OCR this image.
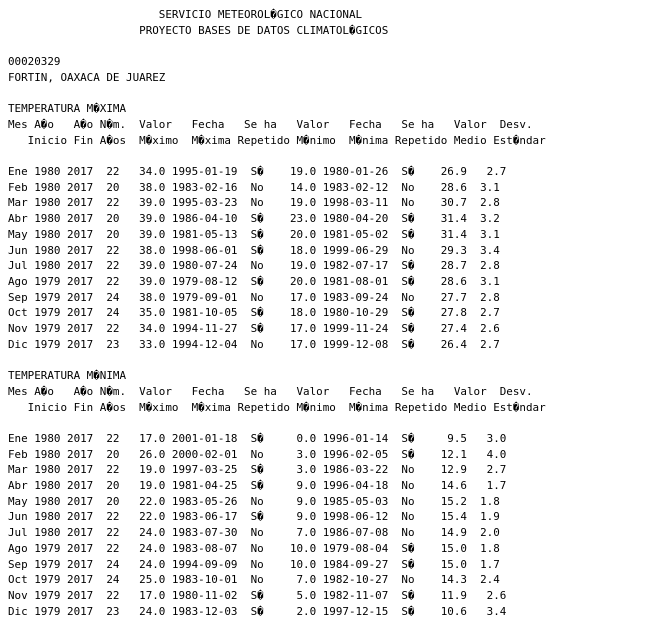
SERVICIO METEOROL�GICO NACIONAL
PROYECTO BASES DE DATOS CLIMATOL�GICOS
00020329
FORTIN, OAXACA DE JUAREZ
TEMPERATURA M�XIMA
Mes A�o   A�o N�m.  Valor   Fecha   Se ha   Valor   Fecha   Se ha   Valor  Desv.
Inicio Fin A�os  M�ximo  M�xima Repetido M�nimo  M�nima Repetido Medio Est�ndar
Ene 1980 2017  22   34.0 1995-01-19  S�    19.0 1980-01-26  S�    26.9   2.7
Feb 1980 2017  20   38.0 1983-02-16  No    14.0 1983-02-12  No    28.6  3.1
Mar 1980 2017  22   39.0 1995-03-23  No    19.0 1998-03-11  No    30.7  2.8
Abr 1980 2017  20   39.0 1986-04-10  S�    23.0 1980-04-20  S�    31.4  3.2
May 1980 2017  20   39.0 1981-05-13  S�    20.0 1981-05-02  S�    31.4  3.1
Jun 1980 2017  22   38.0 1998-06-01  S�    18.0 1999-06-29  No    29.3  3.4
Jul 1980 2017  22   39.0 1980-07-24  No    19.0 1982-07-17  S�    28.7  2.8
Ago 1979 2017  22   39.0 1979-08-12  S�    20.0 1981-08-01  S�    28.6  3.1
Sep 1979 2017  24   38.0 1979-09-01  No    17.0 1983-09-24  No    27.7  2.8
Oct 1979 2017  24   35.0 1981-10-05  S�    18.0 1980-10-29  S�    27.8  2.7
Nov 1979 2017  22   34.0 1994-11-27  S�    17.0 1999-11-24  S�    27.4  2.6
Dic 1979 2017  23   33.0 1994-12-04  No    17.0 1999-12-08  S�    26.4  2.7
TEMPERATURA M�NIMA
Mes A�o   A�o N�m.  Valor   Fecha   Se ha   Valor   Fecha   Se ha   Valor  Desv.
Inicio Fin A�os  M�ximo  M�xima Repetido M�nimo  M�nima Repetido Medio Est�ndar
Ene 1980 2017  22   17.0 2001-01-18  S�     0.0 1996-01-14  S�     9.5   3.0
Feb 1980 2017  20   26.0 2000-02-01  No     3.0 1996-02-05  S�    12.1   4.0
Mar 1980 2017  22   19.0 1997-03-25  S�     3.0 1986-03-22  No    12.9   2.7
Abr 1980 2017  20   19.0 1981-04-25  S�     9.0 1996-04-18  No    14.6   1.7
May 1980 2017  20   22.0 1983-05-26  No     9.0 1985-05-03  No    15.2  1.8
Jun 1980 2017  22   22.0 1983-06-17  S�     9.0 1998-06-12  No    15.4  1.9
Jul 1980 2017  22   24.0 1983-07-30  No     7.0 1986-07-08  No    14.9  2.0
Ago 1979 2017  22   24.0 1983-08-07  No    10.0 1979-08-04  S�    15.0  1.8
Sep 1979 2017  24   24.0 1994-09-09  No    10.0 1984-09-27  S�    15.0  1.7
Oct 1979 2017  24   25.0 1983-10-01  No     7.0 1982-10-27  No    14.3  2.4
Nov 1979 2017  22   17.0 1980-11-02  S�     5.0 1982-11-07  S�    11.9   2.6
Dic 1979 2017  23   24.0 1983-12-03  S�     2.0 1997-12-15  S�    10.6   3.4
